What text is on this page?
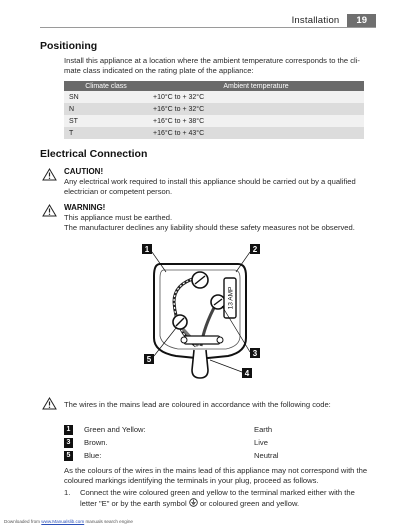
Installation	19
Positioning
Install this appliance at a location where the ambient temperature corresponds to the cli-
mate class indicated on the rating plate of the appliance:
Climate class	Ambient temperature
SN	+10°C to + 32°C
N	+16°C to + 32°C
ST	+16°C to + 38°C
T	+16°C to + 43°C
Electrical Connection
CAUTION!
Any electrical work required to install this appliance should be carried out by a qualified
electrician or competent person.
WARNING!
This appliance must be earthed.
The manufacturer declines any liability should these safety measures not be observed.
13 AMP
1	2
3
4
5
The wires in the mains lead are coloured in accordance with the following code:
1	Green and Yellow:	Earth
3	Brown.	Live
5	Blue:	Neutral
As the colours of the wires in the mains lead of this appliance may not correspond with the
coloured markings identifying the terminals in your plug, proceed as follows.
1.	Connect the wire coloured green and yellow to the terminal marked either with the
letter "E" or by the earth symbol or coloured green and yellow.
Downloaded from www.Manualslib.com manuals search engine
